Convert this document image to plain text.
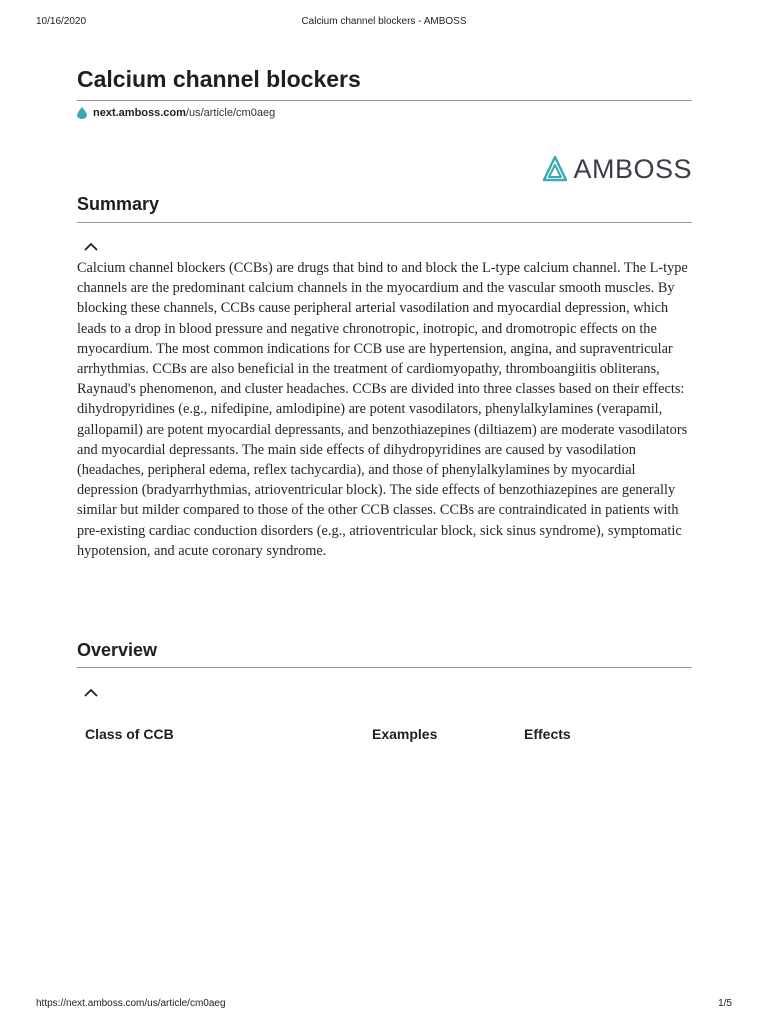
10/16/2020	Calcium channel blockers - AMBOSS
Calcium channel blockers
next.amboss.com/us/article/cm0aeg
AMBOSS
Summary

Calcium channel blockers (CCBs) are drugs that bind to and block the L-type calcium channel. The L-type channels are the predominant calcium channels in the myocardium and the vascular smooth muscles. By blocking these channels, CCBs cause peripheral arterial vasodilation and myocardial depression, which leads to a drop in blood pressure and negative chronotropic, inotropic, and dromotropic effects on the myocardium. The most common indications for CCB use are hypertension, angina, and supraventricular arrhythmias. CCBs are also beneficial in the treatment of cardiomyopathy, thromboangiitis obliterans, Raynaud's phenomenon, and cluster headaches. CCBs are divided into three classes based on their effects: dihydropyridines (e.g., nifedipine, amlodipine) are potent vasodilators, phenylalkylamines (verapamil, gallopamil) are potent myocardial depressants, and benzothiazepines (diltiazem) are moderate vasodilators and myocardial depressants. The main side effects of dihydropyridines are caused by vasodilation (headaches, peripheral edema, reflex tachycardia), and those of phenylalkylamines by myocardial depression (bradyarrhythmias, atrioventricular block). The side effects of benzothiazepines are generally similar but milder compared to those of the other CCB classes. CCBs are contraindicated in patients with pre-existing cardiac conduction disorders (e.g., atrioventricular block, sick sinus syndrome), symptomatic hypotension, and acute coronary syndrome.

Overview
Class of CCB	Examples	Effects
https://next.amboss.com/us/article/cm0aeg	1/5
